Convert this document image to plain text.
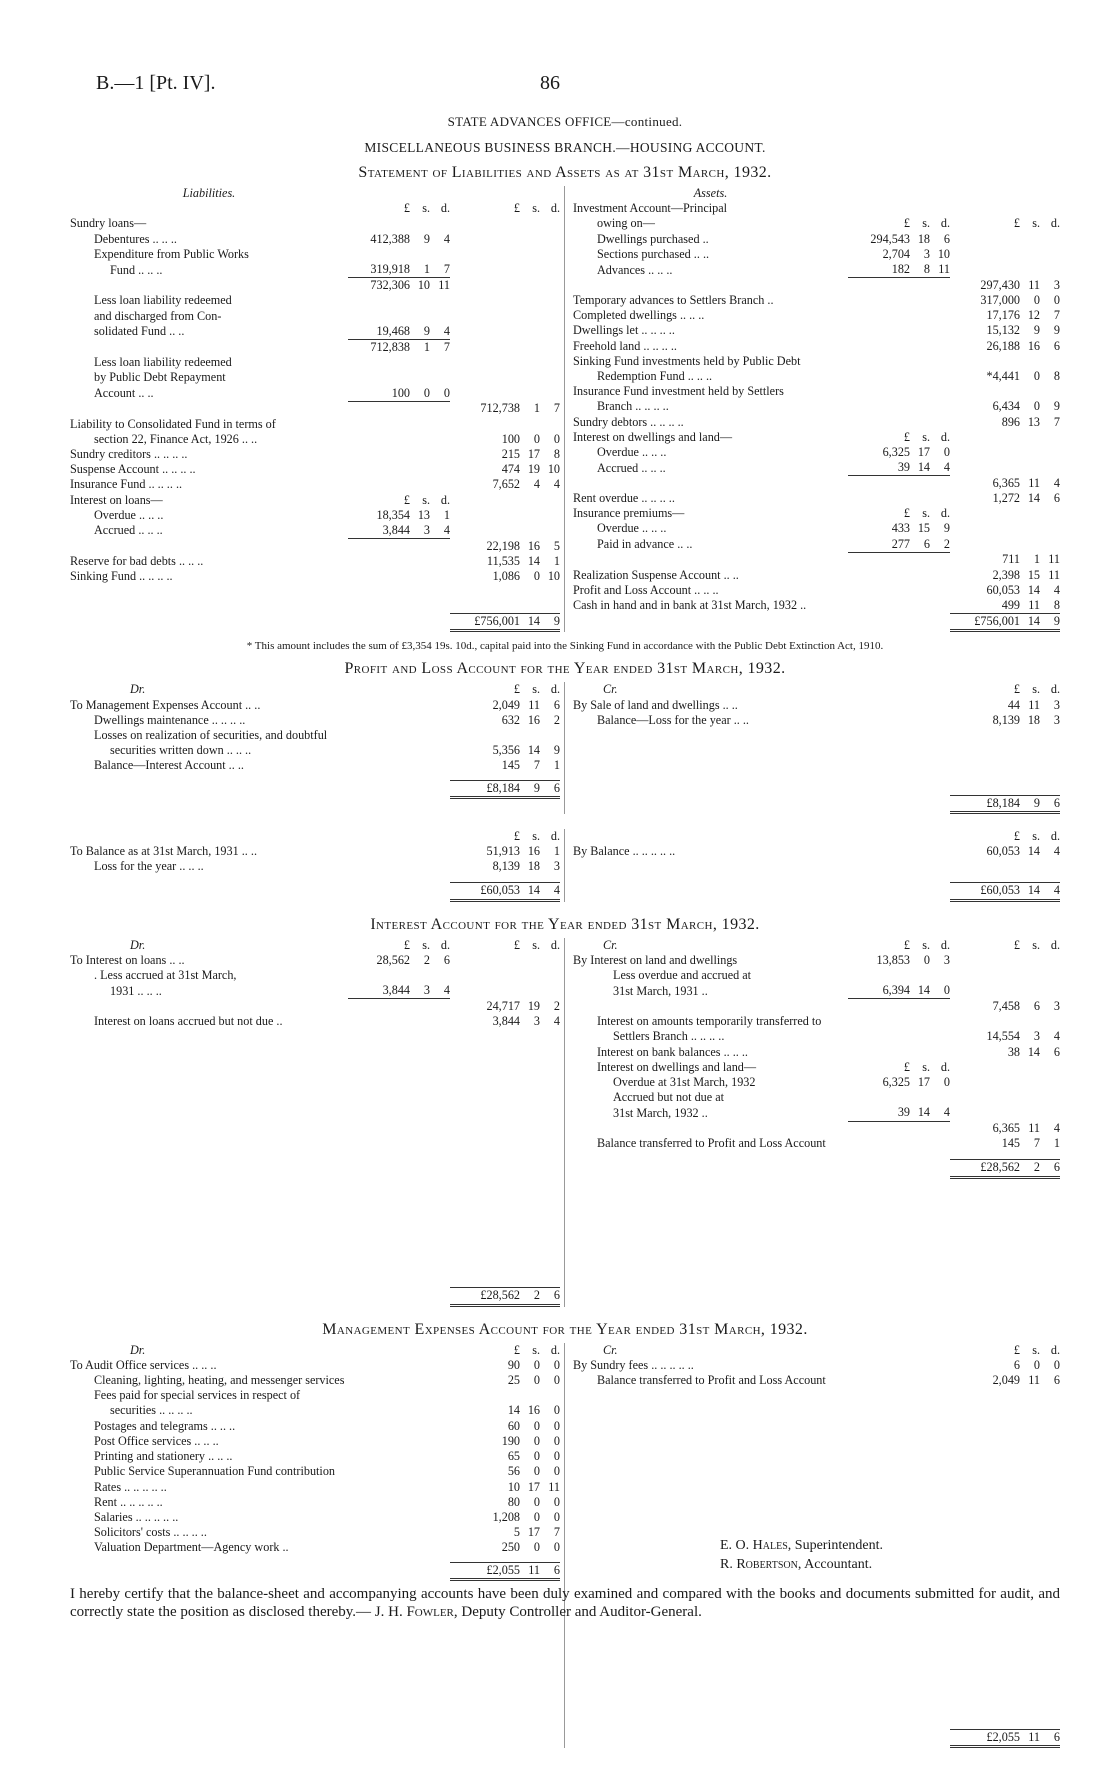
B.—1 [Pt. IV].	86

STATE ADVANCES OFFICE—continued.

MISCELLANEOUS BUSINESS BRANCH.—HOUSING ACCOUNT.

Statement of Liabilities and Assets as at 31st March, 1932.
Liabilities.						
	£	s.	d.	£	s.	d.
Sundry loans—						
Debentures .. .. ..	412,388	9	4			
Expenditure from Public Works						
Fund .. .. ..	319,918	1	7			
	732,306	10	11			
Less loan liability redeemed						
and discharged from Con-						
solidated Fund .. ..	19,468	9	4			
	712,838	1	7			
Less loan liability redeemed						
by Public Debt Repayment						
Account .. ..	100	0	0			
				712,738	1	7
Liability to Consolidated Fund in terms of						
section 22, Finance Act, 1926 .. ..				100	0	0
Sundry creditors .. .. .. ..				215	17	8
Suspense Account .. .. .. ..				474	19	10
Insurance Fund .. .. .. ..				7,652	4	4
Interest on loans—	£	s.	d.			
Overdue .. .. ..	18,354	13	1			
Accrued .. .. ..	3,844	3	4			
				22,198	16	5
Reserve for bad debts .. .. ..				11,535	14	1
Sinking Fund .. .. .. ..				1,086	0	10
Assets.						
Investment Account—Principal						
owing on—	£	s.	d.	£	s.	d.
Dwellings purchased ..	294,543	18	6			
Sections purchased .. ..	2,704	3	10			
Advances .. .. ..	182	8	11			
				297,430	11	3
Temporary advances to Settlers Branch ..				317,000	0	0
Completed dwellings .. .. ..				17,176	12	7
Dwellings let .. .. .. ..				15,132	9	9
Freehold land .. .. .. ..				26,188	16	6
Sinking Fund investments held by Public Debt						
Redemption Fund .. .. ..				*4,441	0	8
Insurance Fund investment held by Settlers						
Branch .. .. .. ..				6,434	0	9
Sundry debtors .. .. .. ..				896	13	7
Interest on dwellings and land—	£	s.	d.			
Overdue .. .. ..	6,325	17	0			
Accrued .. .. ..	39	14	4			
				6,365	11	4
Rent overdue .. .. .. ..				1,272	14	6
Insurance premiums—	£	s.	d.			
Overdue .. .. ..	433	15	9			
Paid in advance .. ..	277	6	2			
				711	1	11
Realization Suspense Account .. ..				2,398	15	11
Profit and Loss Account .. .. ..				60,053	14	4
Cash in hand and in bank at 31st March, 1932 ..				499	11	8
	£756,001	14	9
		£756,001	14	9
* This amount includes the sum of £3,354 19s. 10d., capital paid into the Sinking Fund in accordance with the Public Debt Extinction Act, 1910.
Profit and Loss Account for the Year ended 31st March, 1932.
Dr.	£	s.	d.
To Management Expenses Account .. ..	2,049	11	6
Dwellings maintenance .. .. .. ..	632	16	2
Losses on realization of securities, and doubtful			
securities written down .. .. ..	5,356	14	9
Balance—Interest Account .. ..	145	7	1
Cr.	£	s.	d.
By Sale of land and dwellings .. ..	44	11	3
Balance—Loss for the year .. ..	8,139	18	3
	£8,184	9	6
	£8,184	9	6
	£	s.	d.
To Balance as at 31st March, 1931 .. ..	51,913	16	1
Loss for the year .. .. ..	8,139	18	3
	£	s.	d.

By Balance .. .. .. .. ..	60,053	14	4
	£60,053	14	4
		£60,053	14	4
Interest Account for the Year ended 31st March, 1932.
Dr.	£	s.	d.	£	s.	d.
To Interest on loans .. ..	28,562	2	6			
. Less accrued at 31st March,						
1931 .. .. ..	3,844	3	4			
				24,717	19	2
Interest on loans accrued but not due ..				3,844	3	4
Cr.	£	s.	d.	£	s.	d.
By Interest on land and dwellings	13,853	0	3			
Less overdue and accrued at						
31st March, 1931 ..	6,394	14	0			
				7,458	6	3
Interest on amounts temporarily transferred to						
Settlers Branch .. .. .. ..				14,554	3	4
Interest on bank balances .. .. ..				38	14	6
Interest on dwellings and land—	£	s.	d.			
Overdue at 31st March, 1932	6,325	17	0			
Accrued but not due at						
31st March, 1932 ..	39	14	4			
				6,365	11	4
Balance transferred to Profit and Loss Account				145	7	1
	£28,562	2	6
	£28,562	2	6
Management Expenses Account for the Year ended 31st March, 1932.
Dr.	£	s.	d.
To Audit Office services .. .. ..	90	0	0
Cleaning, lighting, heating, and messenger services	25	0	0
Fees paid for special services in respect of			
securities .. .. .. ..	14	16	0
Postages and telegrams .. .. ..	60	0	0
Post Office services .. .. ..	190	0	0
Printing and stationery .. .. ..	65	0	0
Public Service Superannuation Fund contribution	56	0	0
Rates .. .. .. .. ..	10	17	11
Rent .. .. .. .. ..	80	0	0
Salaries .. .. .. .. ..	1,208	0	0
Solicitors' costs .. .. .. ..	5	17	7
Valuation Department—Agency work ..	250	0	0
Cr.	£	s.	d.
By Sundry fees .. .. .. .. ..	6	0	0
Balance transferred to Profit and Loss Account	2,049	11	6
	£2,055	11	6
	£2,055	11	6
E. O. Hales, Superintendent.
R. Robertson, Accountant.
I hereby certify that the balance-sheet and accompanying accounts have been duly examined and compared with the books and documents submitted for audit, and correctly state the position as disclosed thereby.— J. H. Fowler, Deputy Controller and Auditor-General.
